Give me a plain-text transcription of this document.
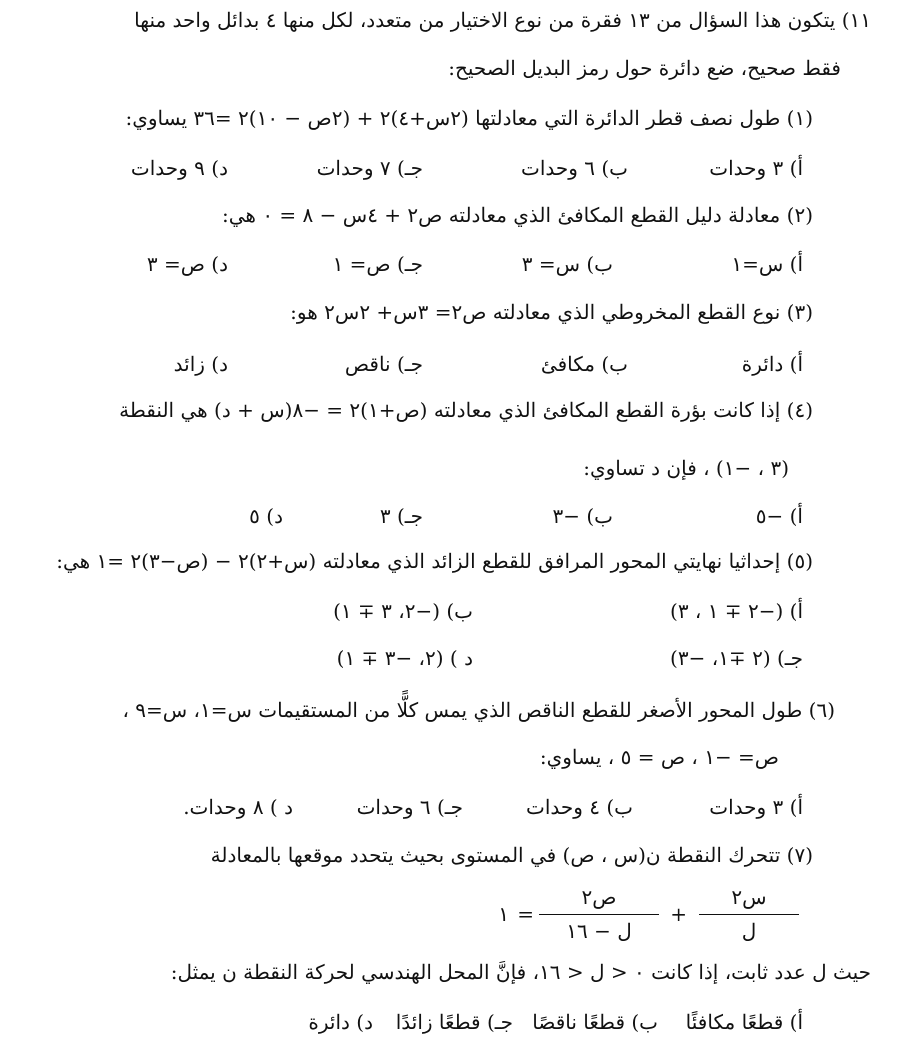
١١) يتكون هذا السؤال من ١٣ فقرة من نوع الاختيار من متعدد، لكل منها ٤ بدائل واحد منها
فقط صحيح، ضع دائرة حول رمز البديل الصحيح:
(١) طول نصف قطر الدائرة التي معادلتها (٢س+٤)٢ + (٢ص − ١٠)٢ =٣٦ يساوي:
أ) ٣ وحدات
ب) ٦ وحدات
جـ) ٧ وحدات
د) ٩ وحدات
(٢) معادلة دليل القطع المكافئ الذي معادلته ص٢ + ٤س − ٨ = ٠ هي:
أ) س=١
ب) س= ٣
جـ) ص= ١
د) ص= ٣
(٣) نوع القطع المخروطي الذي معادلته ص٢= ٣س+ ٢س٢ هو:
أ) دائرة
ب) مكافئ
جـ) ناقص
د) زائد
(٤) إذا كانت بؤرة القطع المكافئ الذي معادلته (ص+١)٢ = −٨(س + د) هي النقطة
(٣ ، −١) ، فإن د تساوي:
أ) −٥
ب) −٣
جـ) ٣
د) ٥
(٥) إحداثيا نهايتي المحور المرافق للقطع الزائد الذي معادلته (س+٢)٢ − (ص−٣)٢ =١ هي:
أ) (−٢ ∓ ١ ، ٣)
ب) (−٢، ٣ ∓ ١)
جـ) (٢ ∓١، −٣)
د ) (٢، −٣ ∓ ١)
(٦) طول المحور الأصغر للقطع الناقص الذي يمس كلًّا من المستقيمات س=١، س=٩ ،
ص= −١ ، ص = ٥ ، يساوي:
أ) ٣ وحدات
ب) ٤ وحدات
جـ) ٦ وحدات
د ) ٨ وحدات.
(٧) تتحرك النقطة ن(س ، ص) في المستوى بحيث يتحدد موقعها بالمعادلة
س٢
ل
+
ص٢
ل − ١٦
=
١
حيث ل عدد ثابت، إذا كانت ٠ < ل < ١٦، فإنَّ المحل الهندسي لحركة النقطة ن يمثل:
أ) قطعًا مكافئًا
ب) قطعًا ناقصًا
جـ) قطعًا زائدًا
د) دائرة
